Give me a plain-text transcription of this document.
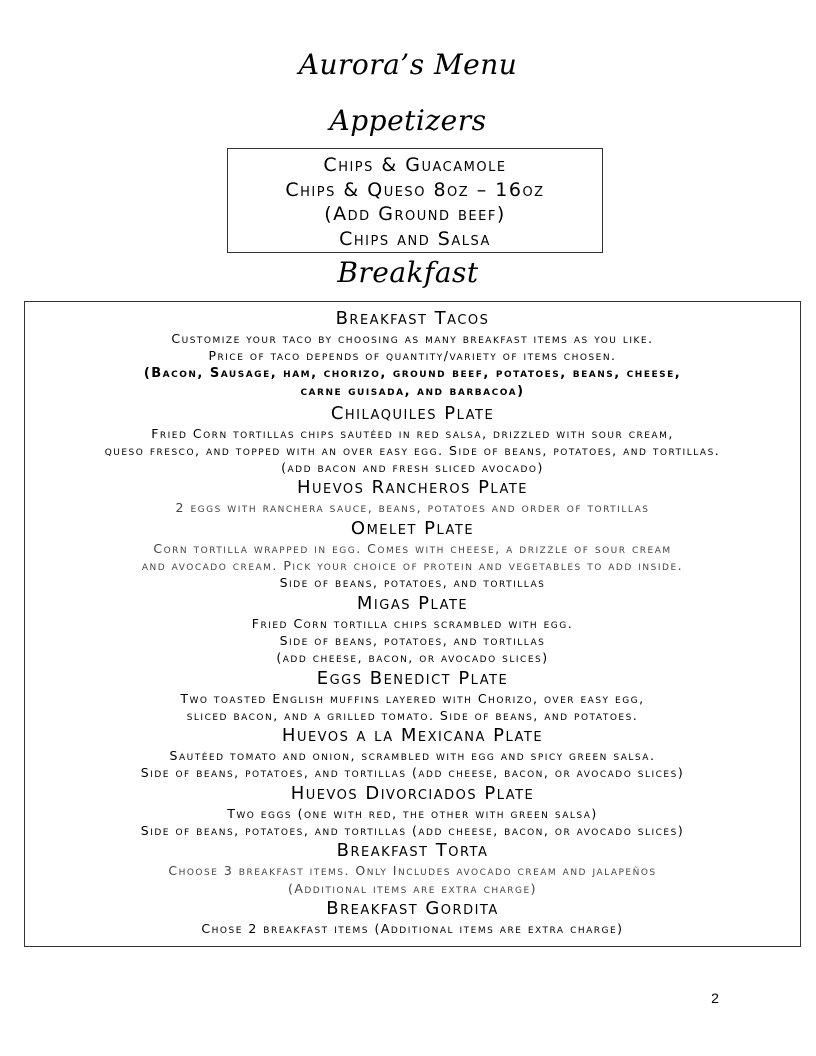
Aurora’s Menu
Appetizers
Chips & Guacamole
Chips & Queso 8oz – 16oz
(Add Ground beef)
Chips and Salsa
Breakfast
Breakfast Tacos
Customize your taco by choosing as many breakfast items as you like.
Price of taco depends of quantity/variety of items chosen.
(Bacon, Sausage, ham, chorizo, ground beef, potatoes, beans, cheese,
carne guisada, and barbacoa)
Chilaquiles Plate
Fried Corn tortillas chips sautéed in red salsa, drizzled with sour cream,
queso fresco, and topped with an over easy egg. Side of beans, potatoes, and tortillas.
(add bacon and fresh sliced avocado)
Huevos Rancheros Plate
2 eggs with ranchera sauce, beans, potatoes and order of tortillas
Omelet Plate
Corn tortilla wrapped in egg. Comes with cheese, a drizzle of sour cream
and avocado cream. Pick your choice of protein and vegetables to add inside.
Side of beans, potatoes, and tortillas
Migas Plate
Fried Corn tortilla chips scrambled with egg.
Side of beans, potatoes, and tortillas
(add cheese, bacon, or avocado slices)
Eggs Benedict Plate
Two toasted English muffins layered with Chorizo, over easy egg,
sliced bacon, and a grilled tomato. Side of beans, and potatoes.
Huevos a la Mexicana Plate
Sautéed tomato and onion, scrambled with egg and spicy green salsa.
Side of beans, potatoes, and tortillas (add cheese, bacon, or avocado slices)
Huevos Divorciados Plate
Two eggs (one with red, the other with green salsa)
Side of beans, potatoes, and tortillas (add cheese, bacon, or avocado slices)
Breakfast Torta
Choose 3 breakfast items. Only Includes avocado cream and jalapeños
(Additional items are extra charge)
Breakfast Gordita
Chose 2 breakfast items (Additional items are extra charge)
2
